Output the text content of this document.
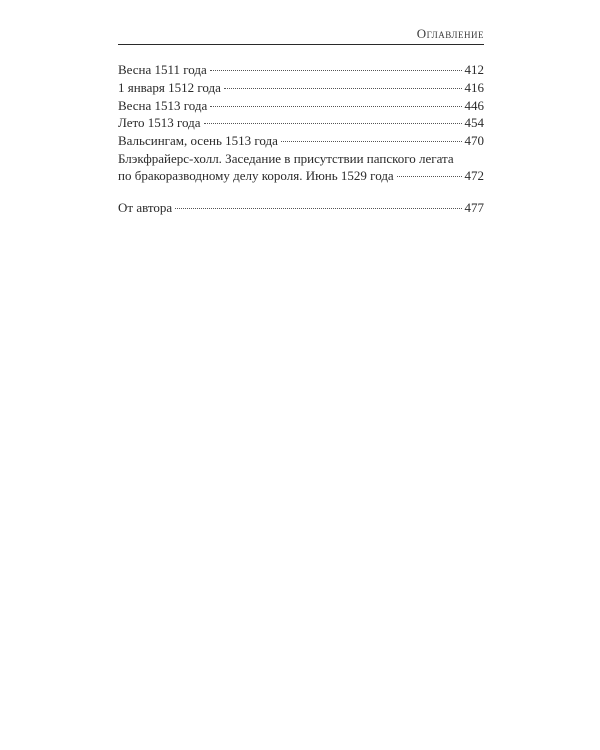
Оглавление
Весна 1511 года	412
1 января 1512 года	416
Весна 1513 года	446
Лето 1513 года	454
Вальсингам, осень 1513 года	470
Блэкфрайерс-холл. Заседание в присутствии папского легата
по бракоразводному делу короля. Июнь 1529 года	472
От автора	477
